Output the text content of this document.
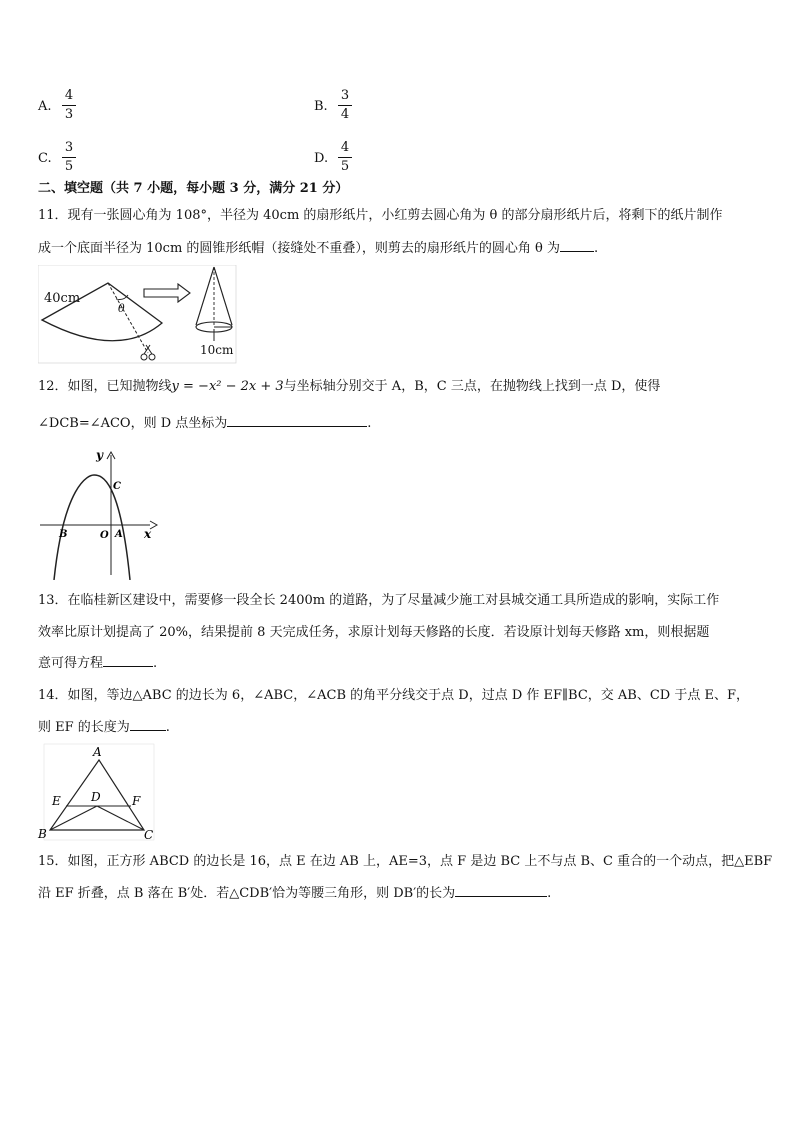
A.
4
3
B.
3
4
C.
3
5
D.
4
5
二、填空题（共 7 小题，每小题 3 分，满分 21 分）
11．现有一张圆心角为 108°，半径为 40cm 的扇形纸片，小红剪去圆心角为 θ 的部分扇形纸片后，将剩下的纸片制作
成一个底面半径为 10cm 的圆锥形纸帽（接缝处不重叠），则剪去的扇形纸片的圆心角 θ 为	.
40cm
θ
10cm
12．如图，已知抛物线y = −x² − 2x + 3与坐标轴分别交于 A，B，C 三点，在抛物线上找到一点 D，使得
∠DCB=∠ACO，则 D 点坐标为	.
y
x
C
B	O A
13．在临桂新区建设中，需要修一段全长 2400m 的道路，为了尽量减少施工对县城交通工具所造成的影响，实际工作
效率比原计划提高了 20%，结果提前 8 天完成任务，求原计划每天修路的长度．若设原计划每天修路 xm，则根据题
意可得方程	.
14．如图，等边△ABC 的边长为 6，∠ABC，∠ACB 的角平分线交于点 D，过点 D 作 EF∥BC，交 AB、CD 于点 E、F，
则 EF 的长度为	.
A
E	D	F
B	C
15．如图，正方形 ABCD 的边长是 16，点 E 在边 AB 上，AE=3，点 F 是边 BC 上不与点 B、C 重合的一个动点，把△EBF
沿 EF 折叠，点 B 落在 B′处．若△CDB′恰为等腰三角形，则 DB′的长为	.
